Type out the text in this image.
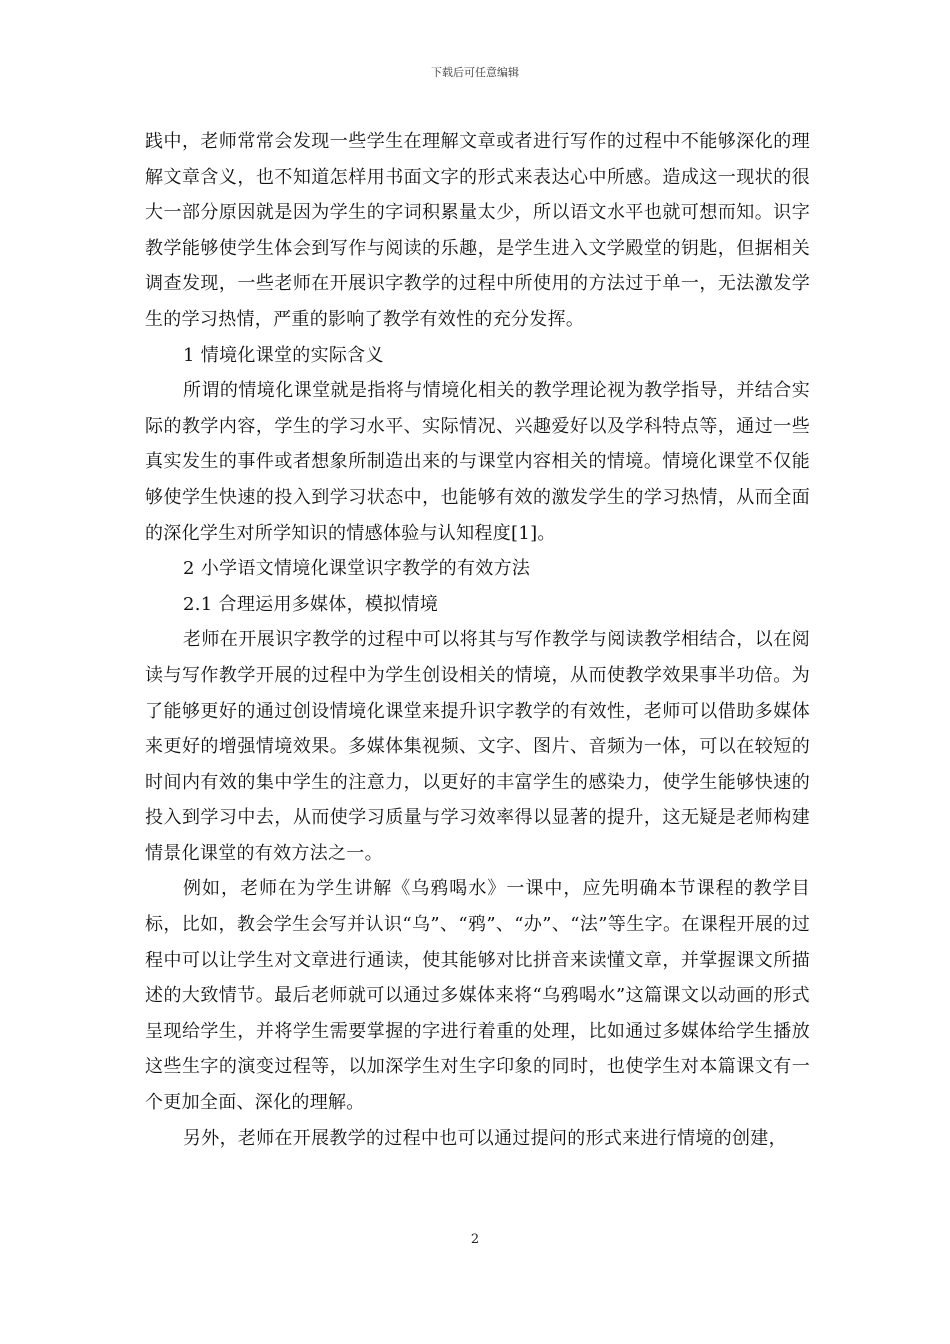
下载后可任意编辑

践中，老师常常会发现一些学生在理解文章或者进行写作的过程中不能够深化的理解文章含义，也不知道怎样用书面文字的形式来表达心中所感。造成这一现状的很大一部分原因就是因为学生的字词积累量太少，所以语文水平也就可想而知。识字教学能够使学生体会到写作与阅读的乐趣，是学生进入文学殿堂的钥匙，但据相关调查发现，一些老师在开展识字教学的过程中所使用的方法过于单一，无法激发学生的学习热情，严重的影响了教学有效性的充分发挥。

1 情境化课堂的实际含义

所谓的情境化课堂就是指将与情境化相关的教学理论视为教学指导，并结合实际的教学内容，学生的学习水平、实际情况、兴趣爱好以及学科特点等，通过一些真实发生的事件或者想象所制造出来的与课堂内容相关的情境。情境化课堂不仅能够使学生快速的投入到学习状态中，也能够有效的激发学生的学习热情，从而全面的深化学生对所学知识的情感体验与认知程度[1]。

2 小学语文情境化课堂识字教学的有效方法

2.1 合理运用多媒体，模拟情境

老师在开展识字教学的过程中可以将其与写作教学与阅读教学相结合，以在阅读与写作教学开展的过程中为学生创设相关的情境，从而使教学效果事半功倍。为了能够更好的通过创设情境化课堂来提升识字教学的有效性，老师可以借助多媒体来更好的增强情境效果。多媒体集视频、文字、图片、音频为一体，可以在较短的时间内有效的集中学生的注意力，以更好的丰富学生的感染力，使学生能够快速的投入到学习中去，从而使学习质量与学习效率得以显著的提升，这无疑是老师构建情景化课堂的有效方法之一。

例如，老师在为学生讲解《乌鸦喝水》一课中，应先明确本节课程的教学目标，比如，教会学生会写并认识“乌”、“鸦”、“办”、“法”等生字。在课程开展的过程中可以让学生对文章进行通读，使其能够对比拼音来读懂文章，并掌握课文所描述的大致情节。最后老师就可以通过多媒体来将“乌鸦喝水”这篇课文以动画的形式呈现给学生，并将学生需要掌握的字进行着重的处理，比如通过多媒体给学生播放这些生字的演变过程等，以加深学生对生字印象的同时，也使学生对本篇课文有一个更加全面、深化的理解。

另外，老师在开展教学的过程中也可以通过提问的形式来进行情境的创建，

2
